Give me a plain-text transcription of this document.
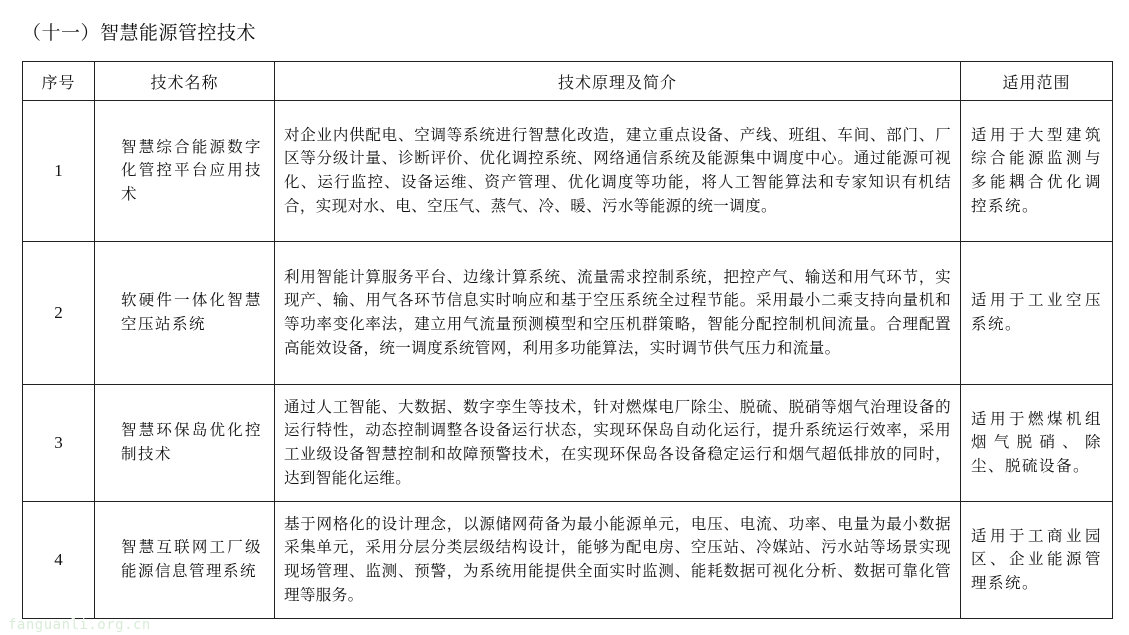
（十一）智慧能源管控技术
序号	技术名称	技术原理及简介	适用范围
1	智慧综合能源数字化管控平台应用技术	对企业内供配电、空调等系统进行智慧化改造，建立重点设备、产线、班组、车间、部门、厂区等分级计量、诊断评价、优化调控系统、网络通信系统及能源集中调度中心。通过能源可视化、运行监控、设备运维、资产管理、优化调度等功能，将人工智能算法和专家知识有机结合，实现对水、电、空压气、蒸气、冷、暖、污水等能源的统一调度。	适用于大型建筑综合能源监测与多能耦合优化调控系统。
2	软硬件一体化智慧空压站系统	利用智能计算服务平台、边缘计算系统、流量需求控制系统，把控产气、输送和用气环节，实现产、输、用气各环节信息实时响应和基于空压系统全过程节能。采用最小二乘支持向量机和等功率变化率法，建立用气流量预测模型和空压机群策略，智能分配控制机间流量。合理配置高能效设备，统一调度系统管网，利用多功能算法，实时调节供气压力和流量。	适用于工业空压系统。
3	智慧环保岛优化控制技术	通过人工智能、大数据、数字孪生等技术，针对燃煤电厂除尘、脱硫、脱硝等烟气治理设备的运行特性，动态控制调整各设备运行状态，实现环保岛自动化运行，提升系统运行效率，采用工业级设备智慧控制和故障预警技术，在实现环保岛各设备稳定运行和烟气超低排放的同时，达到智能化运维。	适用于燃煤机组烟气脱硝、除尘、脱硫设备。
4	智慧互联网工厂级能源信息管理系统	基于网格化的设计理念，以源储网荷备为最小能源单元，电压、电流、功率、电量为最小数据采集单元，采用分层分类层级结构设计，能够为配电房、空压站、冷媒站、污水站等场景实现现场管理、监测、预警，为系统用能提供全面实时监测、能耗数据可视化分析、数据可靠化管理等服务。	适用于工商业园区、企业能源管理系统。
fanguanli.org.cn
